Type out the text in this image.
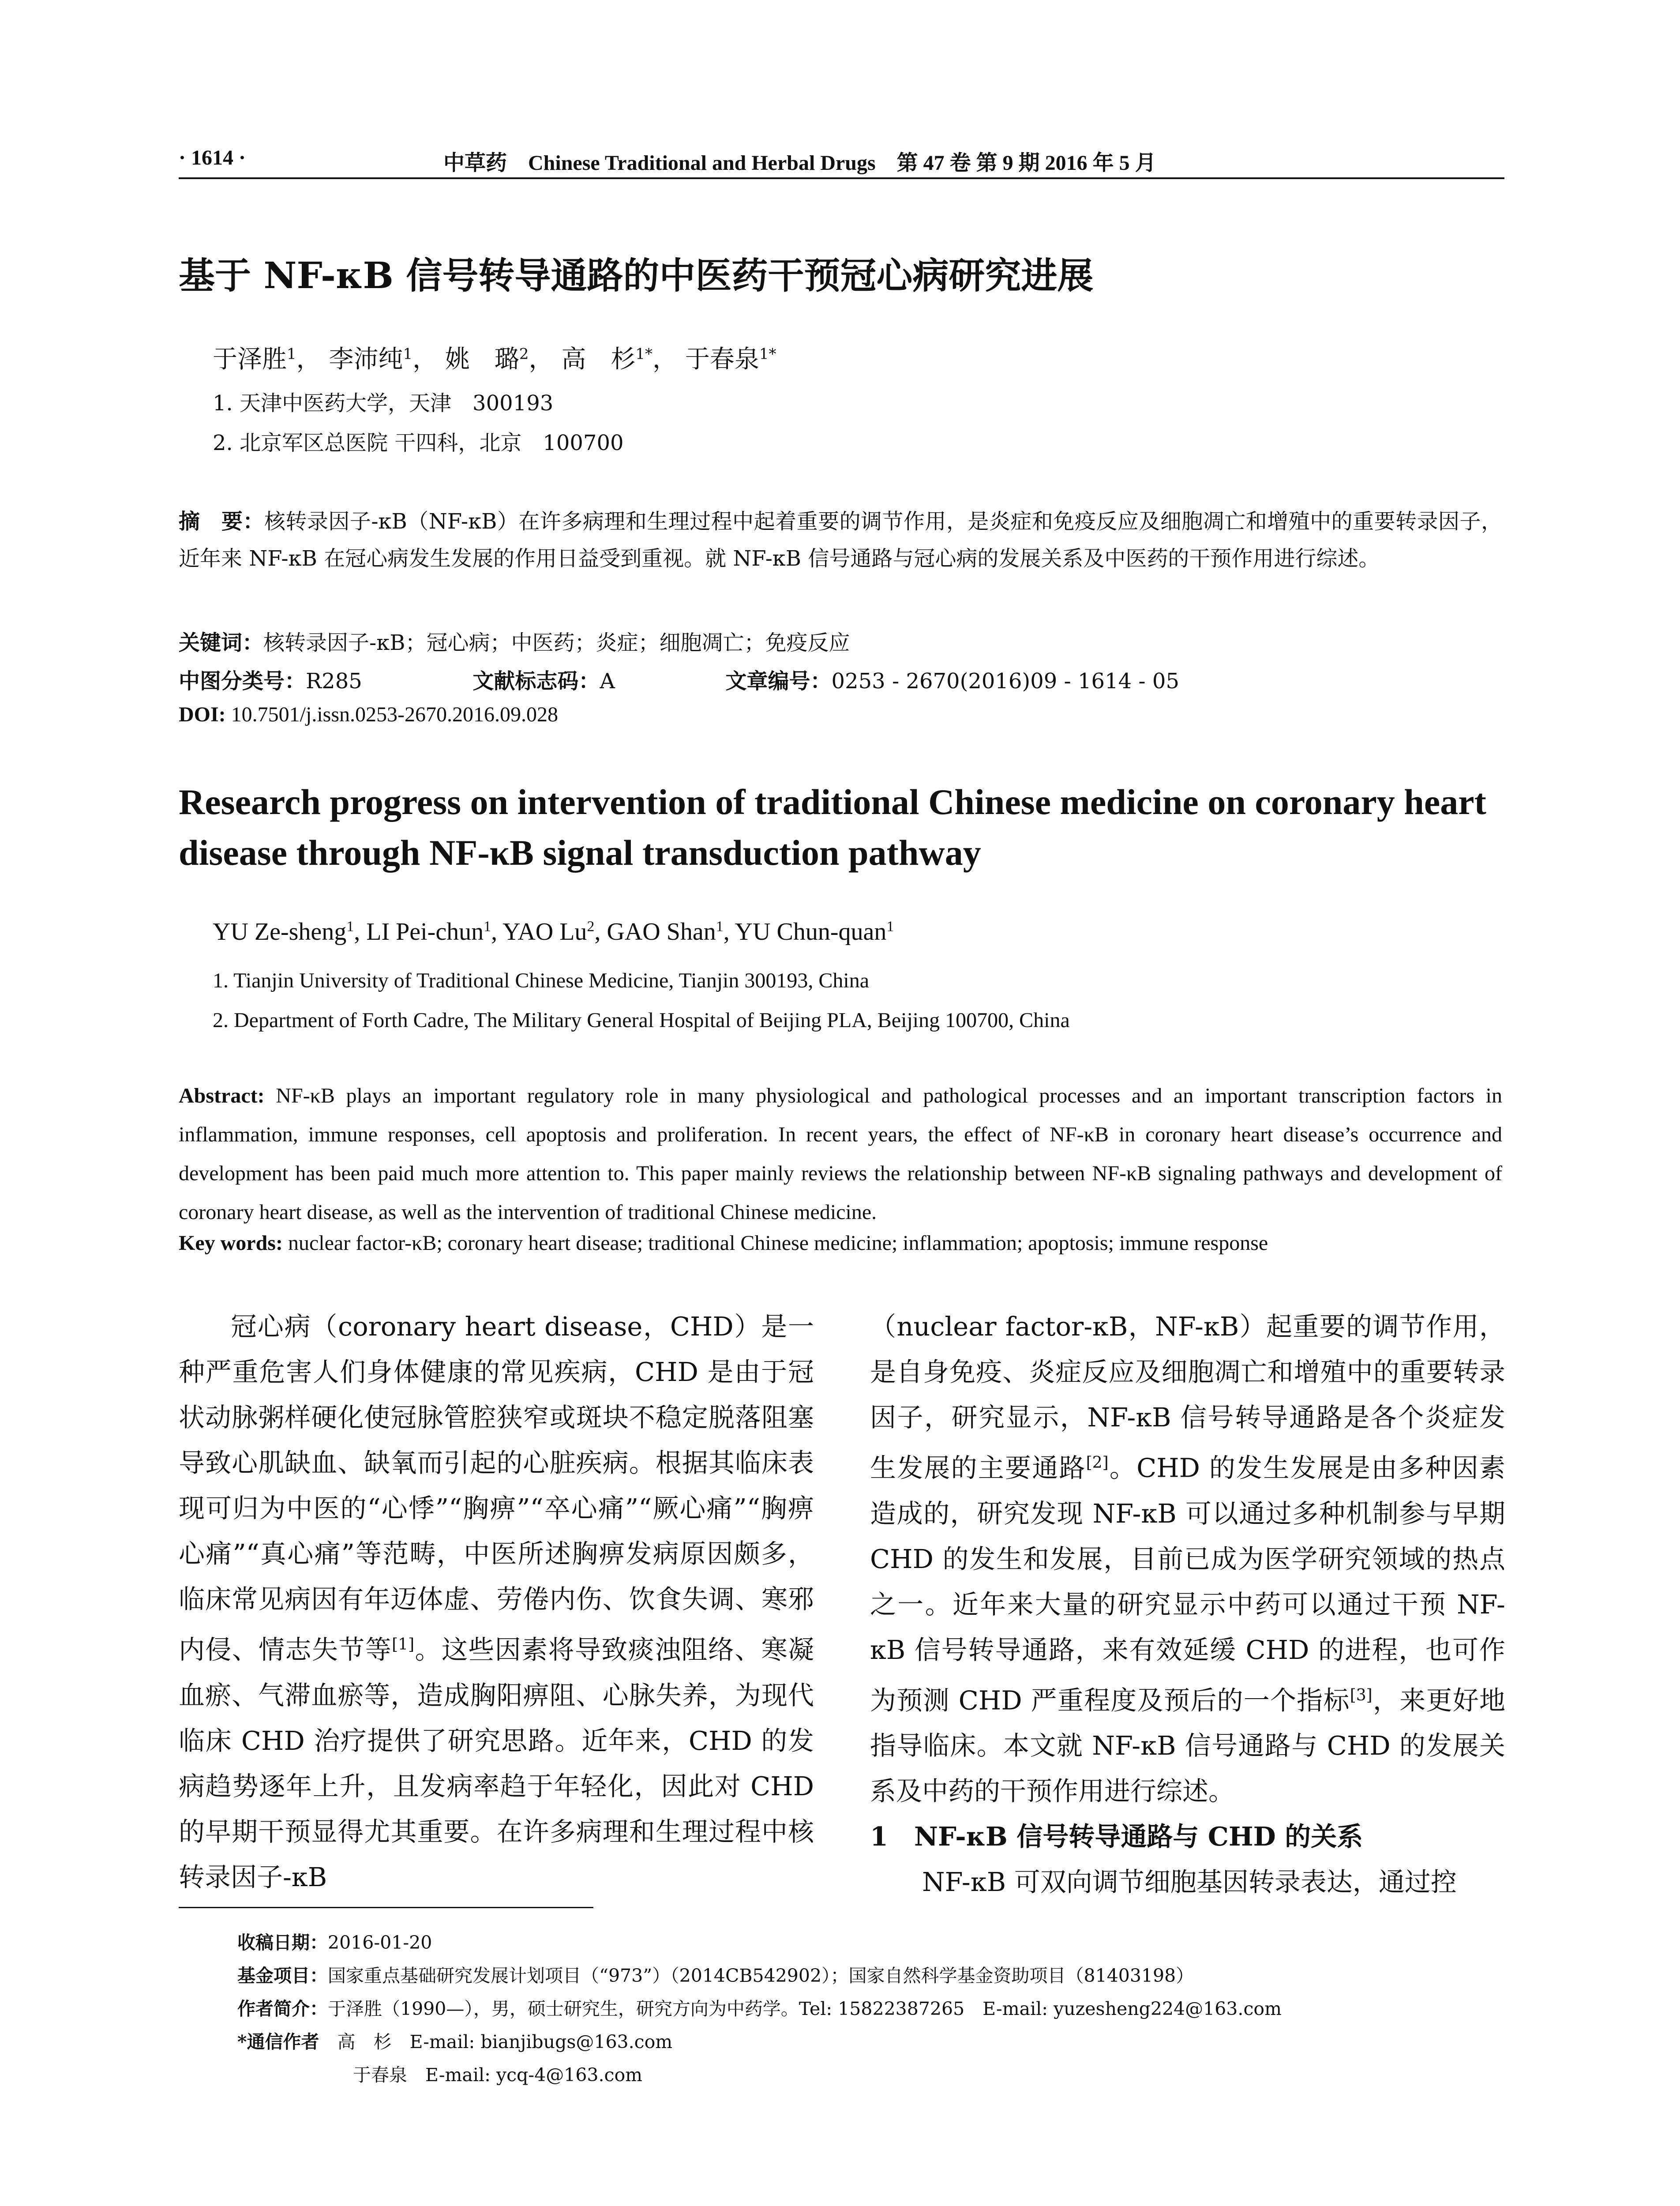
· 1614 ·	中草药　Chinese Traditional and Herbal Drugs　第 47 卷 第 9 期 2016 年 5 月
基于 NF-κB 信号转导通路的中医药干预冠心病研究进展
于泽胜$^1$， 李沛纯$^1$， 姚　璐$^2$， 高　杉$^{1*}$， 于春泉$^{1*}$
1. 天津中医药大学，天津　300193
2. 北京军区总医院 干四科，北京　100700
摘　要：核转录因子-κB（NF-κB）在许多病理和生理过程中起着重要的调节作用，是炎症和免疫反应及细胞凋亡和增殖中的重要转录因子，近年来 NF-κB 在冠心病发生发展的作用日益受到重视。就 NF-κB 信号通路与冠心病的发展关系及中医药的干预作用进行综述。
关键词：核转录因子-κB；冠心病；中医药；炎症；细胞凋亡；免疫反应
中图分类号：R285	文献标志码：A	文章编号：0253 - 2670(2016)09 - 1614 - 05
DOI: 10.7501/j.issn.0253-2670.2016.09.028
Research progress on intervention of traditional Chinese medicine on coronary heart disease through NF-κB signal transduction pathway
YU Ze-sheng$^1$, LI Pei-chun$^1$, YAO Lu$^2$, GAO Shan$^1$, YU Chun-quan$^1$
1. Tianjin University of Traditional Chinese Medicine, Tianjin 300193, China
2. Department of Forth Cadre, The Military General Hospital of Beijing PLA, Beijing 100700, China
Abstract: NF-κB plays an important regulatory role in many physiological and pathological processes and an important transcription factors in inflammation, immune responses, cell apoptosis and proliferation. In recent years, the effect of NF-κB in coronary heart disease’s occurrence and development has been paid much more attention to. This paper mainly reviews the relationship between NF-κB signaling pathways and development of coronary heart disease, as well as the intervention of traditional Chinese medicine.
Key words: nuclear factor-κB; coronary heart disease; traditional Chinese medicine; inflammation; apoptosis; immune response

冠心病（coronary heart disease，CHD）是一种严重危害人们身体健康的常见疾病，CHD 是由于冠状动脉粥样硬化使冠脉管腔狭窄或斑块不稳定脱落阻塞导致心肌缺血、缺氧而引起的心脏疾病。根据其临床表现可归为中医的“心悸”“胸痹”“卒心痛”“厥心痛”“胸痹心痛”“真心痛”等范畴，中医所述胸痹发病原因颇多，临床常见病因有年迈体虚、劳倦内伤、饮食失调、寒邪内侵、情志失节等[1]。这些因素将导致痰浊阻络、寒凝血瘀、气滞血瘀等，造成胸阳痹阻、心脉失养，为现代临床 CHD 治疗提供了研究思路。近年来，CHD 的发病趋势逐年上升，且发病率趋于年轻化，因此对 CHD 的早期干预显得尤其重要。在许多病理和生理过程中核转录因子-κB

（nuclear factor-κB，NF-κB）起重要的调节作用，是自身免疫、炎症反应及细胞凋亡和增殖中的重要转录因子，研究显示，NF-κB 信号转导通路是各个炎症发生发展的主要通路[2]。CHD 的发生发展是由多种因素造成的，研究发现 NF-κB 可以通过多种机制参与早期 CHD 的发生和发展，目前已成为医学研究领域的热点之一。近年来大量的研究显示中药可以通过干预 NF-κB 信号转导通路，来有效延缓 CHD 的进程，也可作为预测 CHD 严重程度及预后的一个指标[3]，来更好地指导临床。本文就 NF-κB 信号通路与 CHD 的发展关系及中药的干预作用进行综述。

1　NF-κB 信号转导通路与 CHD 的关系

NF-κB 可双向调节细胞基因转录表达，通过控

收稿日期：2016-01-20
基金项目：国家重点基础研究发展计划项目（“973”）（2014CB542902）；国家自然科学基金资助项目（81403198）
作者简介：于泽胜（1990—），男，硕士研究生，研究方向为中药学。Tel: 15822387265　E-mail: yuzesheng224@163.com
*通信作者　高　杉　E-mail: bianjibugs@163.com
于春泉　E-mail: ycq-4@163.com
